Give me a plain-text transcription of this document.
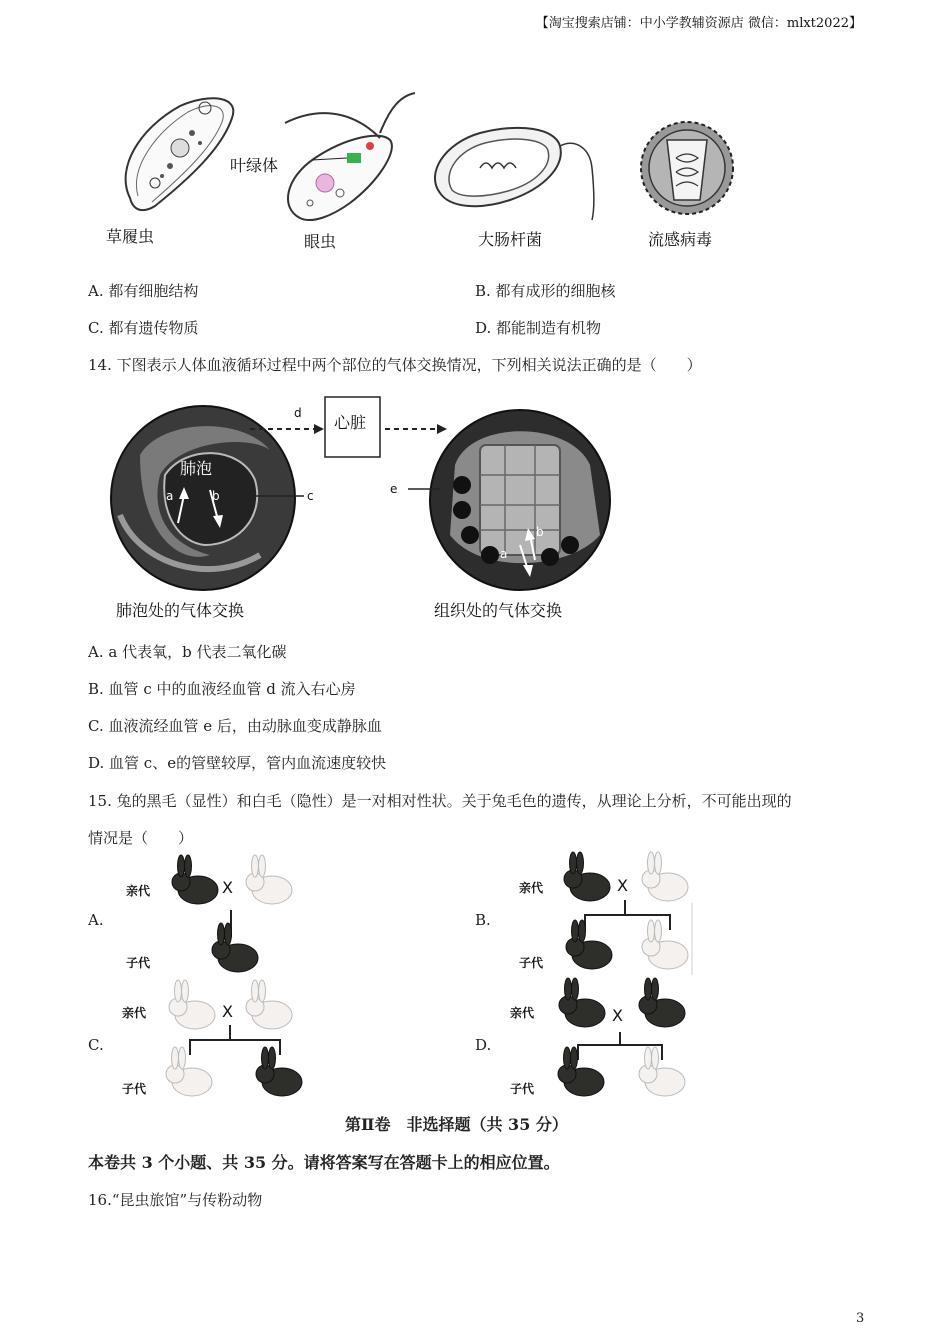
【淘宝搜索店铺：中小学教辅资源店 微信：mlxt2022】
叶绿体
草履虫	眼虫	大肠杆菌	流感病毒
A. 都有细胞结构	B. 都有成形的细胞核
C. 都有遗传物质	D. 都能制造有机物
14. 下图表示人体血液循环过程中两个部位的气体交换情况，下列相关说法正确的是（　　）
肺泡
a	b	c
d
e
a
b
心脏
肺泡处的气体交换	组织处的气体交换
A. a 代表氧，b 代表二氧化碳
B. 血管 c 中的血液经血管 d 流入右心房
C. 血液流经血管 e 后，由动脉血变成静脉血
D. 血管 c、e的管壁较厚，管内血流速度较快
15. 兔的黑毛（显性）和白毛（隐性）是一对相对性状。关于兔毛色的遗传，从理论上分析，不可能出现的
情况是（　　）
亲代	X
A.
子代
亲代	X
B.
子代
亲代	X
C.
子代
亲代	X
D.
子代
第Ⅱ卷　非选择题（共 35 分）
本卷共 3 个小题、共 35 分。请将答案写在答题卡上的相应位置。
16.“昆虫旅馆”与传粉动物
3
